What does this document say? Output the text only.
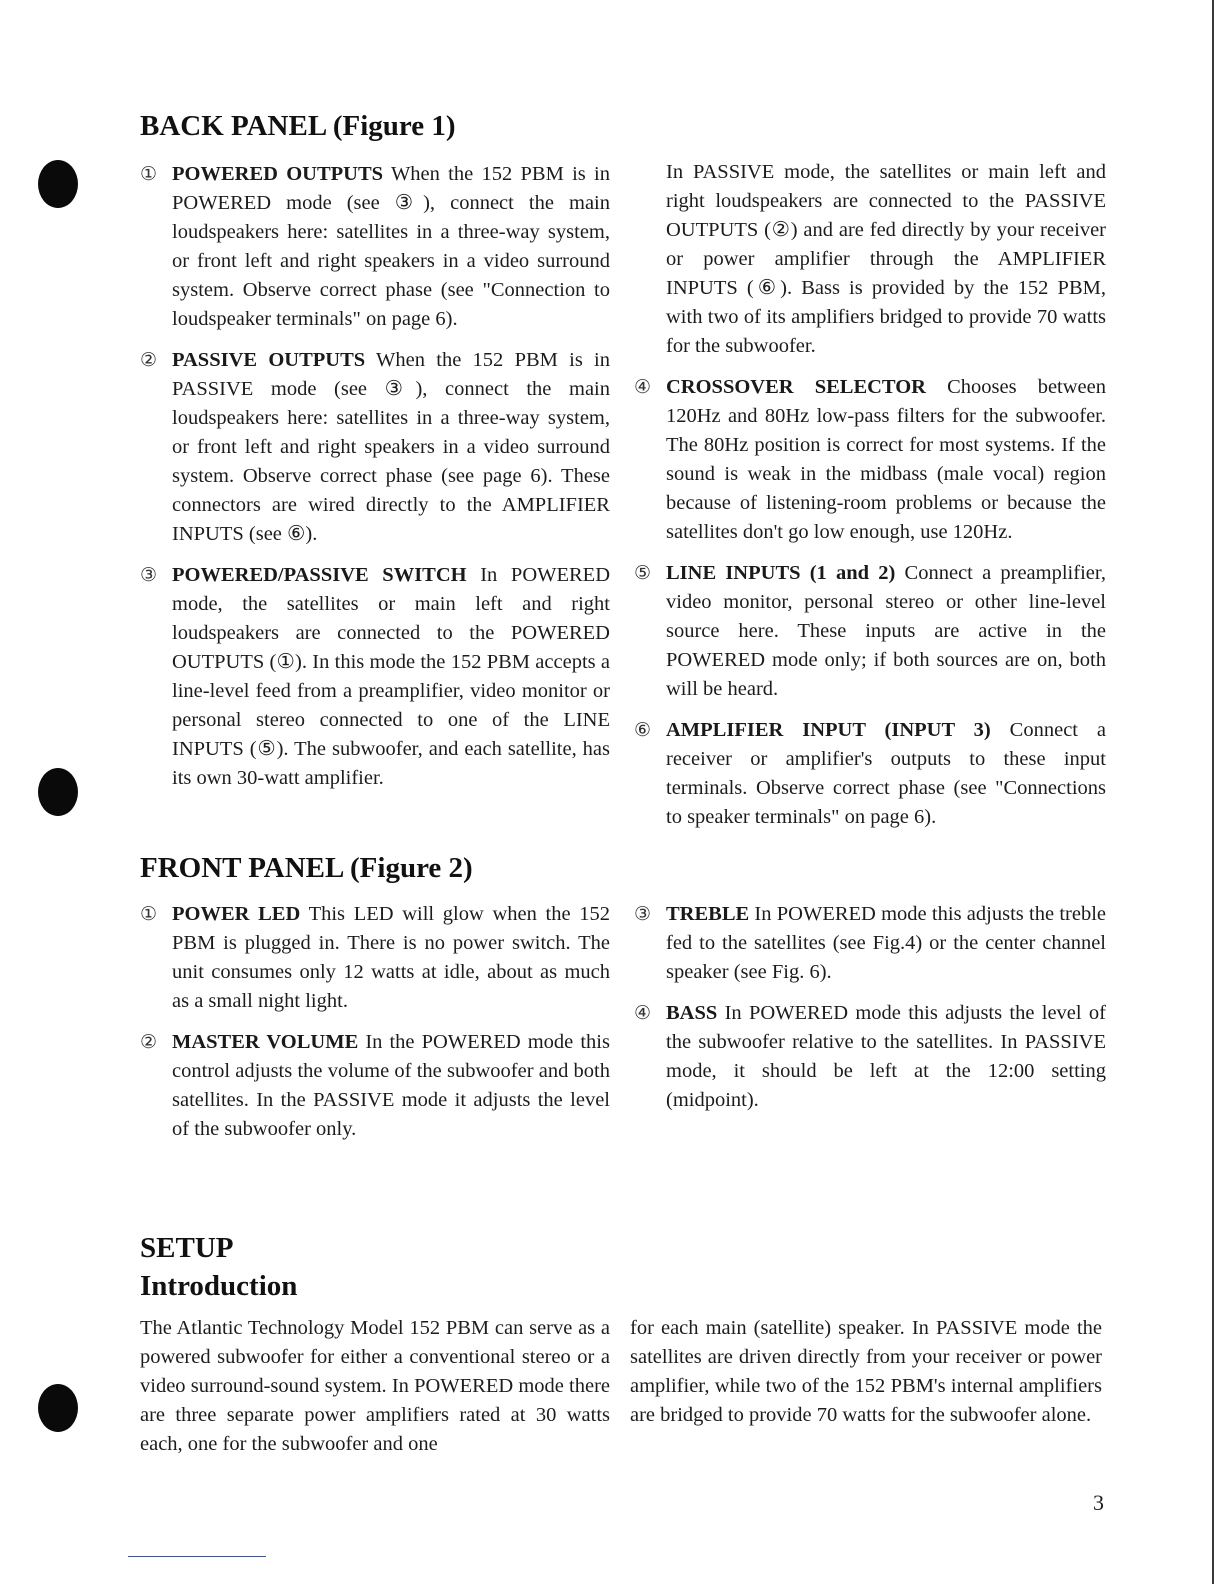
BACK PANEL (Figure 1)
① POWERED OUTPUTS When the 152 PBM is in POWERED mode (see ③), connect the main loudspeakers here: satellites in a three-way system, or front left and right speakers in a video surround system. Observe correct phase (see "Connection to loudspeaker terminals" on page 6).
② PASSIVE OUTPUTS When the 152 PBM is in PASSIVE mode (see ③), connect the main loudspeakers here: satellites in a three-way system, or front left and right speakers in a video surround system. Observe correct phase (see page 6). These connectors are wired directly to the AMPLIFIER INPUTS (see ⑥).
③ POWERED/PASSIVE SWITCH In POWERED mode, the satellites or main left and right loudspeakers are connected to the POWERED OUTPUTS (①). In this mode the 152 PBM accepts a line-level feed from a preamplifier, video monitor or personal stereo connected to one of the LINE INPUTS (⑤). The subwoofer, and each satellite, has its own 30-watt amplifier.
In PASSIVE mode, the satellites or main left and right loudspeakers are connected to the PASSIVE OUTPUTS (②) and are fed directly by your receiver or power amplifier through the AMPLIFIER INPUTS (⑥). Bass is provided by the 152 PBM, with two of its amplifiers bridged to provide 70 watts for the subwoofer.
④ CROSSOVER SELECTOR Chooses between 120Hz and 80Hz low-pass filters for the subwoofer. The 80Hz position is correct for most systems. If the sound is weak in the midbass (male vocal) region because of listening-room problems or because the satellites don't go low enough, use 120Hz.
⑤ LINE INPUTS (1 and 2) Connect a preamplifier, video monitor, personal stereo or other line-level source here. These inputs are active in the POWERED mode only; if both sources are on, both will be heard.
⑥ AMPLIFIER INPUT (INPUT 3) Connect a receiver or amplifier's outputs to these input terminals. Observe correct phase (see "Connections to speaker terminals" on page 6).
FRONT PANEL (Figure 2)
① POWER LED This LED will glow when the 152 PBM is plugged in. There is no power switch. The unit consumes only 12 watts at idle, about as much as a small night light.
② MASTER VOLUME In the POWERED mode this control adjusts the volume of the subwoofer and both satellites. In the PASSIVE mode it adjusts the level of the subwoofer only.
③ TREBLE In POWERED mode this adjusts the treble fed to the satellites (see Fig.4) or the center channel speaker (see Fig. 6).
④ BASS In POWERED mode this adjusts the level of the subwoofer relative to the satellites. In PASSIVE mode, it should be left at the 12:00 setting (midpoint).
SETUP
Introduction

The Atlantic Technology Model 152 PBM can serve as a powered subwoofer for either a conventional stereo or a video surround-sound system. In POWERED mode there are three separate power amplifiers rated at 30 watts each, one for the subwoofer and one

for each main (satellite) speaker. In PASSIVE mode the satellites are driven directly from your receiver or power amplifier, while two of the 152 PBM's internal amplifiers are bridged to provide 70 watts for the subwoofer alone.

3
